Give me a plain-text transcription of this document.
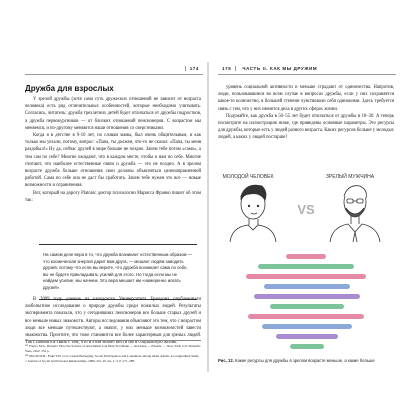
174
Дружба для взрослых

У зрелой дружбы (хотя сама суть дружеских отношений не зависит от возраста человека) есть ряд отличительных особенностей, которые необходимо учитывать. Согласись, читатель: дружба трехлетних детей будет отличаться от дружбы подростков, а дружба первокурсников — от близких отношений пенсионеров. С возрастом мы меняемся, и по-другому меняются наши отношения со сверстниками.

Когда я в детстве в 9-10 лет, по словам мамы, был очень общительным, и как только мы уехали, потому, вопрос: «Папа, ты должен, что-то не сказал: «Папа, ты меня раздобыл!» Ну да, сейчас друзей в мире больше не поздно. Зачем тебе потом «само», а тем сам по себе? Многие ожидают, что в каждом месте, чтобы к нам по себе. Многие считают, что наиболее естественные связи и дружба — это не поздно. А в зрелом возрасте дружба больше отношения свои должны объясняться целенаправленной работой. Сама по себе она не даст бы сработать. Зачем тебе нужен это все — новые возможности и ограничения.

Вот, который на дорогу Platonic доктор психологии Марисса Франко пишет об этом так:

На самом деле вера в то, что дружба возникает естественным образом — что космическая энергия дарит вам друга, — мешает людям заводить друзей, потому что если вы верите, что дружба возникает сама по себе, вы не будете прикладывать усилий для этого. Но тогда если мы не найдем усилие, мы начнем. Это вера мешает им «намеренно искать друзей».

В 2009 году ученые из канадского Университета Брандона опубликовали любопытное исследование о природе дружбы среди пожилых людей. Результаты эксперимента показали, что у сегодняшних пенсионеров все больше старых друзей и все меньше новых знакомств. Авторы исследования объясняют это тем, что с возрастом люди все меньше путешествуют, а значит, у них меньше возможностей завести знакомства. Прочтите, что тоже становится все более характерным для зрелых людей. Так становится связь с тем, что в этом может вести им в социальную жизнь.

¹⁵³ Franco M.G. Platonic: How the Science of Attachment Can Help You Make — and Keep — Friends. — New York: G.P. Putnam's Sons, 2022. 352 p.
¹⁵⁴ Merrill M.B., Fiske T.H. et al. Casual Belonging: Social Participation and Loneliness among Older Adults. A Longitudinal Study // Journal of Social and Personal Relationships. 2009. Vol. 26. Iss. 2–3. P. 271–288.
175	ЧАСТЬ II. КАК МЫ ДРУЖИМ

уровень социальной активности и меньше страдают от одиночества. Напротив, люди, пользовавшиеся во всем случае в вопросах дружбы, если у них сохраняется какое-то количество, в большей степени чувствовали себя одинокими. Здесь требуется связь с тем, что у них имеются дела в других сферах жизни.

Подумайте, как дружба в 50–55 лет будет отличаться от дружбы в 18–30. А теперь посмотрите на иллюстрацию ниже, где приведены основные параметры. Это ресурсы для дружбы, которые есть у людей разного возраста. Каких ресурсов больше у молодых людей, а каких у людей постарше?

МОЛОДОЙ ЧЕЛОВЕК	ЗРЕЛЫЙ МУЖЧИНА
VS
Рис. 12. Какие ресурсы для дружбы в зрелом возрасте меньше, а какие больше
